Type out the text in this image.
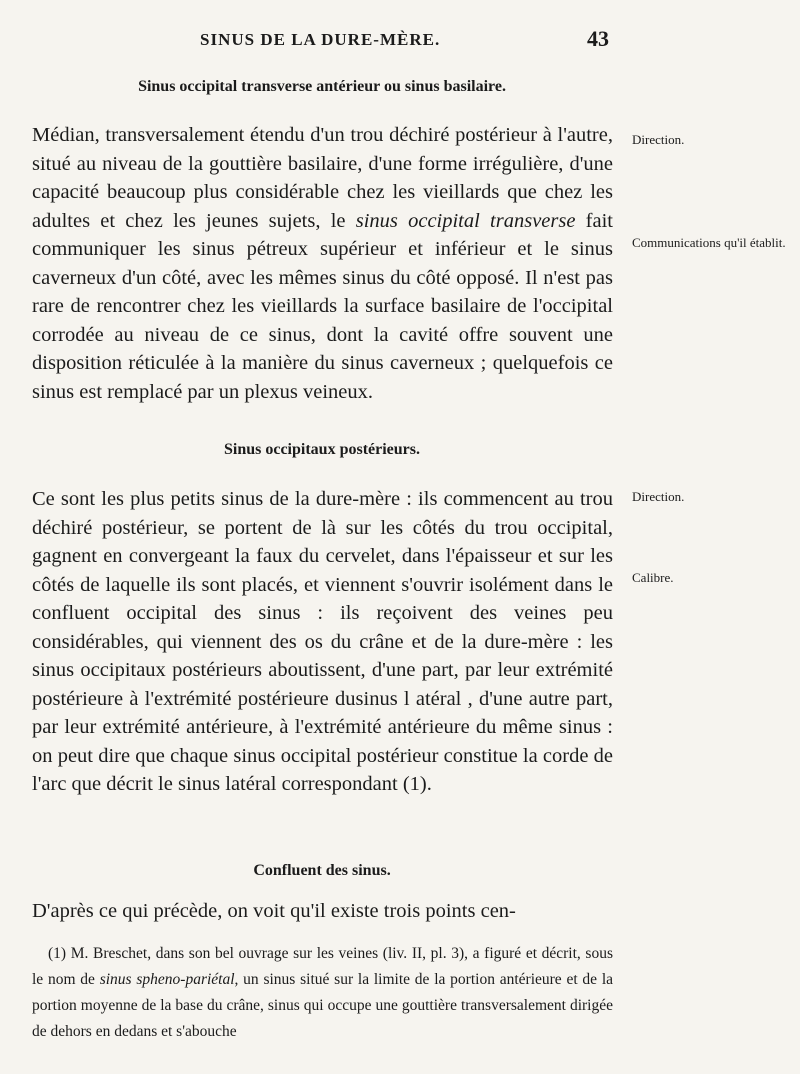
SINUS DE LA DURE-MÈRE.	43
Sinus occipital transverse antérieur ou sinus basilaire.

Médian, transversalement étendu d'un trou déchiré postérieur à l'autre, situé au niveau de la gouttière basilaire, d'une forme irrégulière, d'une capacité beaucoup plus considérable chez les vieillards que chez les adultes et chez les jeunes sujets, le sinus occipital transverse fait communiquer les sinus pétreux supérieur et inférieur et le sinus caverneux d'un côté, avec les mêmes sinus du côté opposé. Il n'est pas rare de rencontrer chez les vieillards la surface basilaire de l'occipital corrodée au niveau de ce sinus, dont la cavité offre souvent une disposition réticulée à la manière du sinus caverneux ; quelquefois ce sinus est remplacé par un plexus veineux.

Direction.
Communications qu'il établit.
Sinus occipitaux postérieurs.

Ce sont les plus petits sinus de la dure-mère : ils commencent au trou déchiré postérieur, se portent de là sur les côtés du trou occipital, gagnent en convergeant la faux du cervelet, dans l'épaisseur et sur les côtés de laquelle ils sont placés, et viennent s'ouvrir isolément dans le confluent occipital des sinus : ils reçoivent des veines peu considérables, qui viennent des os du crâne et de la dure-mère : les sinus occipitaux postérieurs aboutissent, d'une part, par leur extrémité postérieure à l'extrémité postérieure dusinus l atéral , d'une autre part, par leur extrémité antérieure, à l'extrémité antérieure du même sinus : on peut dire que chaque sinus occipital postérieur constitue la corde de l'arc que décrit le sinus latéral correspondant (1).

Direction.
Calibre.
Confluent des sinus.

D'après ce qui précède, on voit qu'il existe trois points cen-

(1) M. Breschet, dans son bel ouvrage sur les veines (liv. II, pl. 3), a figuré et décrit, sous le nom de sinus spheno-pariétal, un sinus situé sur la limite de la portion antérieure et de la portion moyenne de la base du crâne, sinus qui occupe une gouttière transversalement dirigée de dehors en dedans et s'abouche
